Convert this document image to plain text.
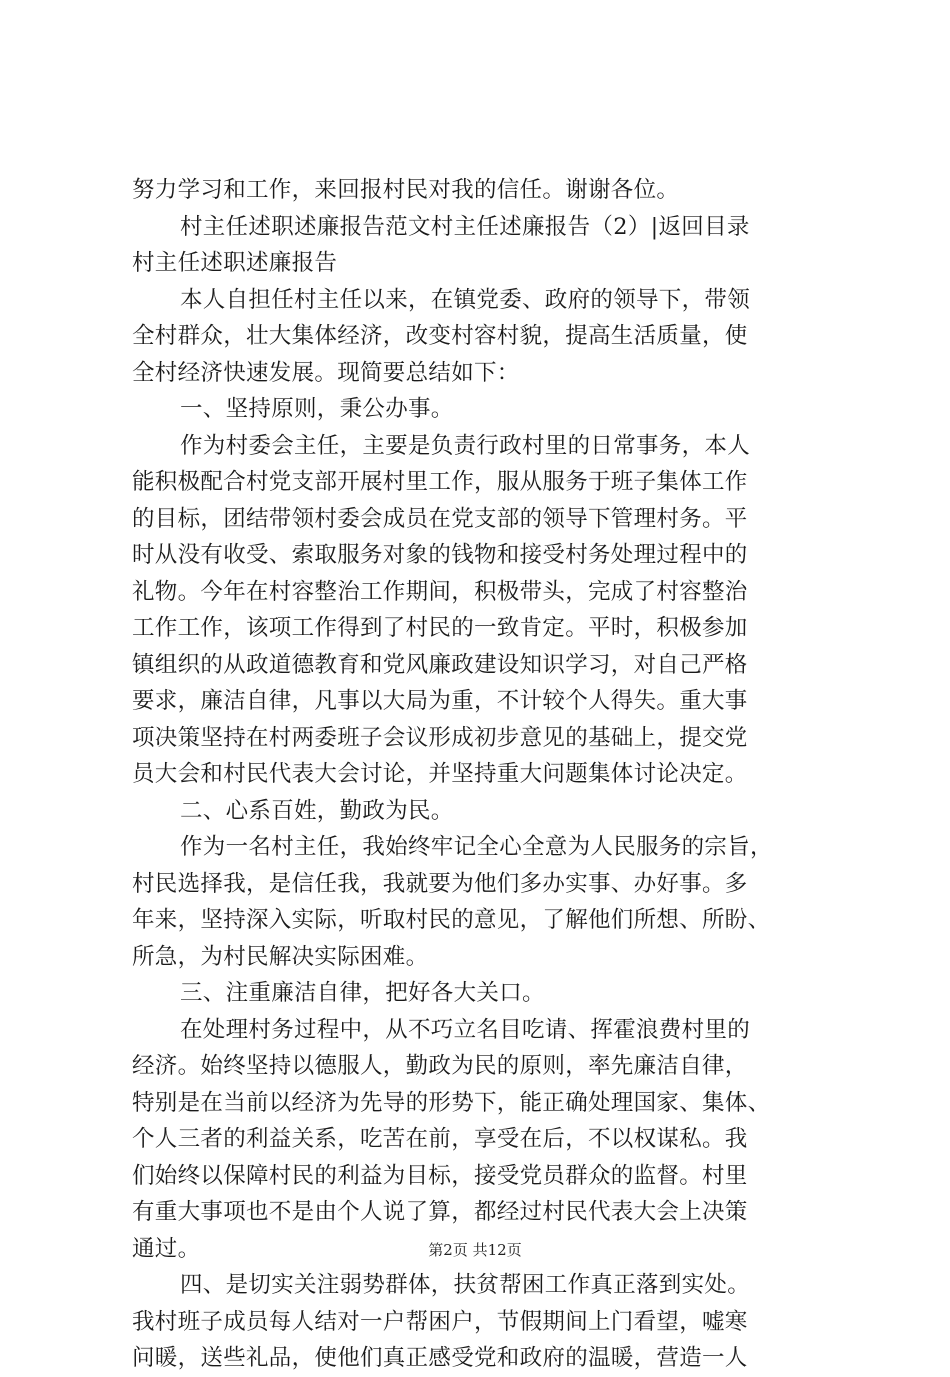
努力学习和工作，来回报村民对我的信任。谢谢各位。
村主任述职述廉报告范文村主任述廉报告（2）|返回目录
村主任述职述廉报告
本人自担任村主任以来，在镇党委、政府的领导下，带领
全村群众，壮大集体经济，改变村容村貌，提高生活质量，使
全村经济快速发展。现简要总结如下：
一、坚持原则，秉公办事。
作为村委会主任，主要是负责行政村里的日常事务，本人
能积极配合村党支部开展村里工作，服从服务于班子集体工作
的目标，团结带领村委会成员在党支部的领导下管理村务。平
时从没有收受、索取服务对象的钱物和接受村务处理过程中的
礼物。今年在村容整治工作期间，积极带头，完成了村容整治
工作工作，该项工作得到了村民的一致肯定。平时，积极参加
镇组织的从政道德教育和党风廉政建设知识学习，对自己严格
要求，廉洁自律，凡事以大局为重，不计较个人得失。重大事
项决策坚持在村两委班子会议形成初步意见的基础上，提交党
员大会和村民代表大会讨论，并坚持重大问题集体讨论决定。
二、心系百姓，勤政为民。
作为一名村主任，我始终牢记全心全意为人民服务的宗旨，
村民选择我，是信任我，我就要为他们多办实事、办好事。多
年来，坚持深入实际，听取村民的意见，了解他们所想、所盼、
所急，为村民解决实际困难。
三、注重廉洁自律，把好各大关口。
在处理村务过程中，从不巧立名目吃请、挥霍浪费村里的
经济。始终坚持以德服人，勤政为民的原则，率先廉洁自律，
特别是在当前以经济为先导的形势下，能正确处理国家、集体、
个人三者的利益关系，吃苦在前，享受在后，不以权谋私。我
们始终以保障村民的利益为目标，接受党员群众的监督。村里
有重大事项也不是由个人说了算，都经过村民代表大会上决策
通过。
四、是切实关注弱势群体，扶贫帮困工作真正落到实处。
我村班子成员每人结对一户帮困户，节假期间上门看望，嘘寒
问暖，送些礼品，使他们真正感受党和政府的温暖，营造一人
第2页 共12页
